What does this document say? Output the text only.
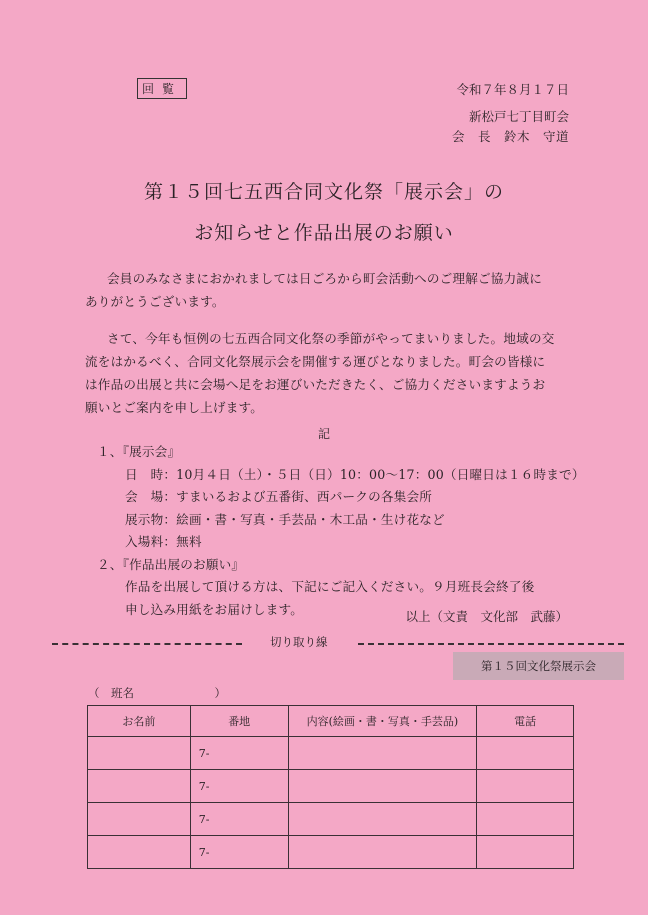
回覧	令和７年８月１７日
新松戸七丁目町会
会　長　鈴木　守道
第１５回七五西合同文化祭「展示会」の
お知らせと作品出展のお願い
会員のみなさまにおかれましては日ごろから町会活動へのご理解ご協力誠に
ありがとうございます。
さて、今年も恒例の七五西合同文化祭の季節がやってまいりました。地域の交
流をはかるべく、合同文化祭展示会を開催する運びとなりました。町会の皆様に
は作品の出展と共に会場へ足をお運びいただきたく、ご協力くださいますようお
願いとご案内を申し上げます。
記
１、『展示会』
日　時：10月４日（土）・５日（日）10：00〜17：00（日曜日は１６時まで）
会　場：すまいるおよび五番街、西パークの各集会所
展示物：絵画・書・写真・手芸品・木工品・生け花など
入場料：無料
２、『作品出展のお願い』
作品を出展して頂ける方は、下記にご記入ください。９月班長会終了後
申し込み用紙をお届けします。	以上（文責　文化部　武藤）
切り取り線
第１５回文化祭展示会
（　班名　　　　　　　）
お名前	番地	内容(絵画・書・写真・手芸品)	電話
	7-		
	7-		
	7-		
	7-		
